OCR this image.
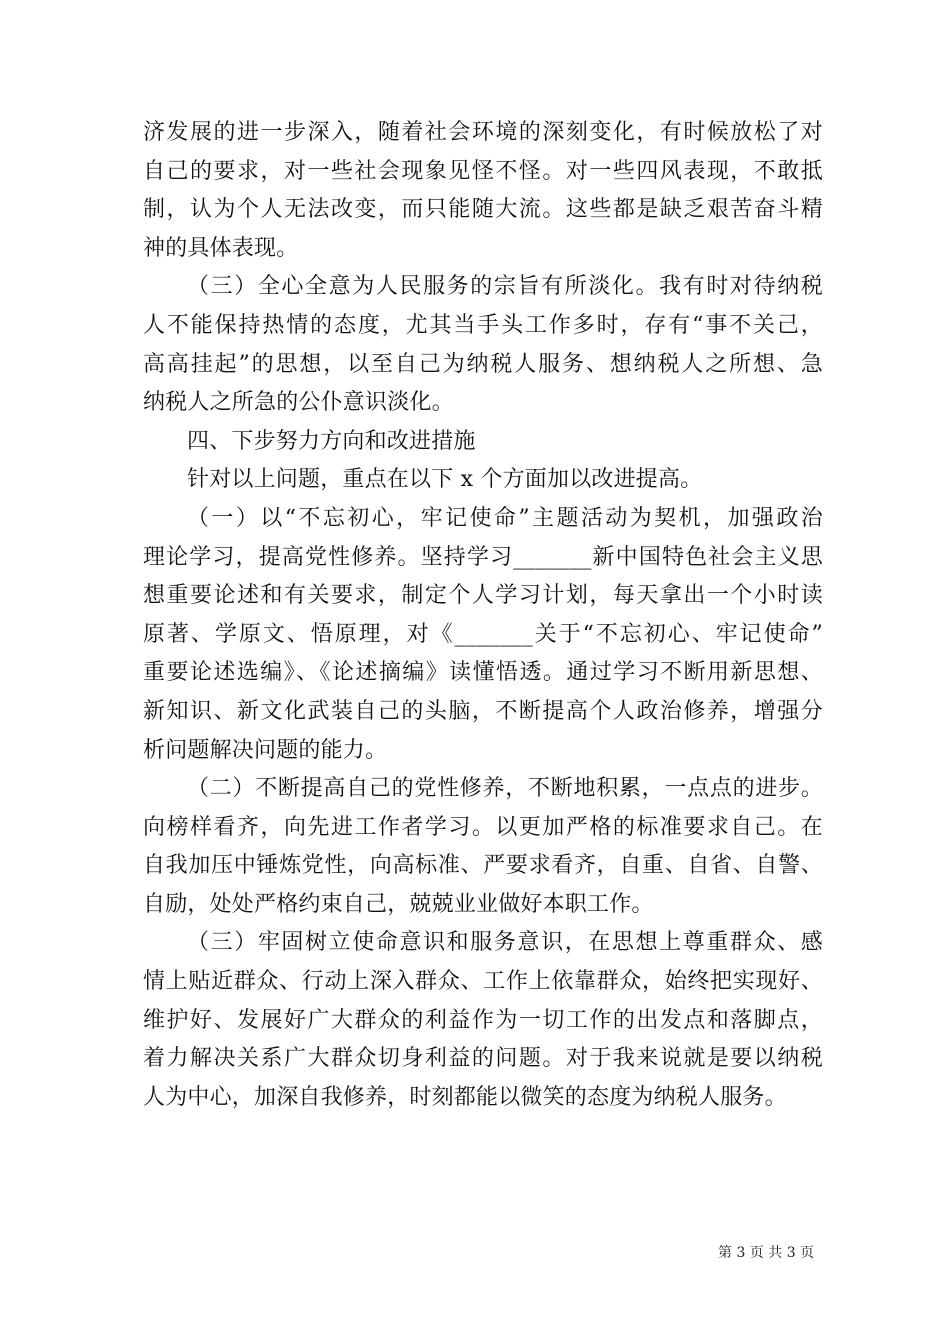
济发展的进一步深入，随着社会环境的深刻变化，有时候放松了对
自己的要求，对一些社会现象见怪不怪。对一些四风表现，不敢抵
制，认为个人无法改变，而只能随大流。这些都是缺乏艰苦奋斗精
神的具体表现。
（三）全心全意为人民服务的宗旨有所淡化。我有时对待纳税
人不能保持热情的态度，尤其当手头工作多时，存有“事不关己，
高高挂起”的思想，以至自己为纳税人服务、想纳税人之所想、急
纳税人之所急的公仆意识淡化。
四、下步努力方向和改进措施
针对以上问题，重点在以下 x 个方面加以改进提高。
（一）以“不忘初心，牢记使命”主题活动为契机，加强政治
理论学习，提高党性修养。坚持学习_______新中国特色社会主义思
想重要论述和有关要求，制定个人学习计划，每天拿出一个小时读
原著、学原文、悟原理，对《_______关于“不忘初心、牢记使命”
重要论述选编》、《论述摘编》读懂悟透。通过学习不断用新思想、
新知识、新文化武装自己的头脑，不断提高个人政治修养，增强分
析问题解决问题的能力。
（二）不断提高自己的党性修养，不断地积累，一点点的进步。
向榜样看齐，向先进工作者学习。以更加严格的标准要求自己。在
自我加压中锤炼党性，向高标准、严要求看齐，自重、自省、自警、
自励，处处严格约束自己，兢兢业业做好本职工作。
（三）牢固树立使命意识和服务意识，在思想上尊重群众、感
情上贴近群众、行动上深入群众、工作上依靠群众，始终把实现好、
维护好、发展好广大群众的利益作为一切工作的出发点和落脚点，
着力解决关系广大群众切身利益的问题。对于我来说就是要以纳税
人为中心，加深自我修养，时刻都能以微笑的态度为纳税人服务。
第 3 页 共 3 页
